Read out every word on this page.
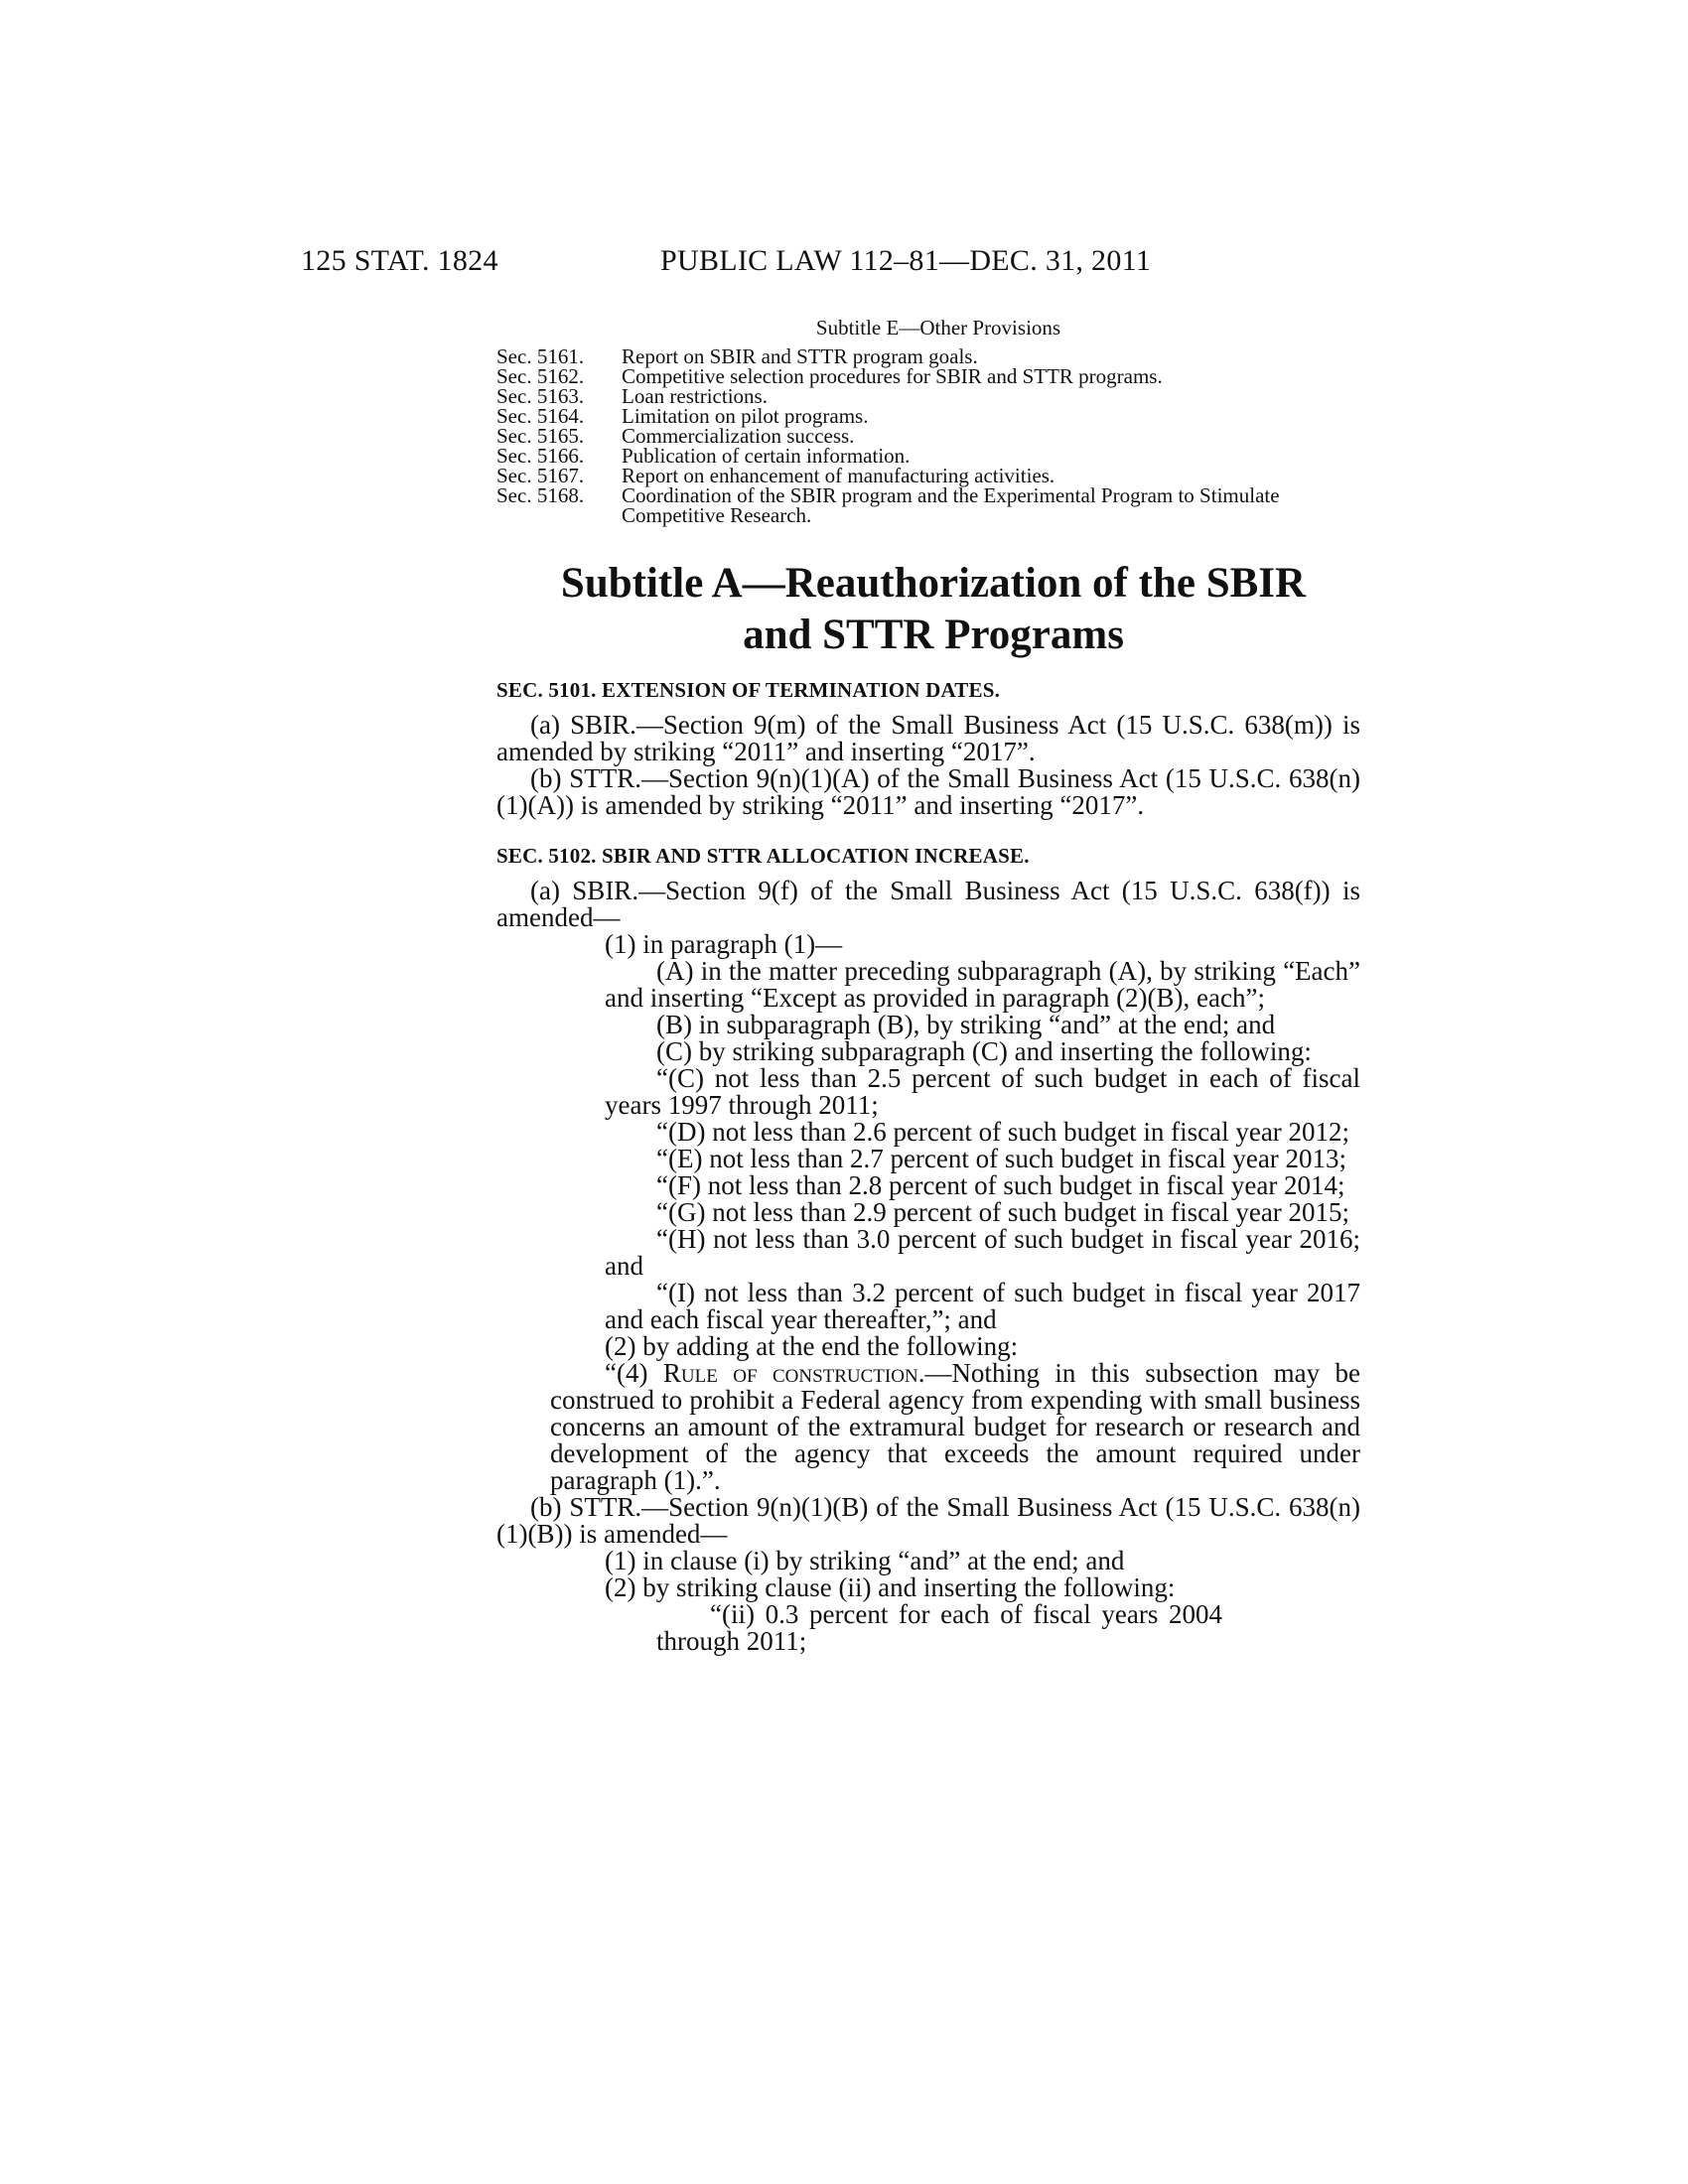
125 STAT. 1824	PUBLIC LAW 112–81—DEC. 31, 2011
Subtitle E—Other Provisions
Sec. 5161.	Report on SBIR and STTR program goals.
Sec. 5162.	Competitive selection procedures for SBIR and STTR programs.
Sec. 5163.	Loan restrictions.
Sec. 5164.	Limitation on pilot programs.
Sec. 5165.	Commercialization success.
Sec. 5166.	Publication of certain information.
Sec. 5167.	Report on enhancement of manufacturing activities.
Sec. 5168.	Coordination of the SBIR program and the Experimental Program to Stimulate Competitive Research.
Subtitle A—Reauthorization of the SBIR
and STTR Programs
SEC. 5101. EXTENSION OF TERMINATION DATES.

(a) SBIR.—Section 9(m) of the Small Business Act (15 U.S.C. 638(m)) is amended by striking “2011” and inserting “2017”.

(b) STTR.—Section 9(n)(1)(A) of the Small Business Act (15 U.S.C. 638(n)(1)(A)) is amended by striking “2011” and inserting “2017”.

SEC. 5102. SBIR AND STTR ALLOCATION INCREASE.

(a) SBIR.—Section 9(f) of the Small Business Act (15 U.S.C. 638(f)) is amended—

(1) in paragraph (1)—

(A) in the matter preceding subparagraph (A), by striking “Each” and inserting “Except as provided in paragraph (2)(B), each”;

(B) in subparagraph (B), by striking “and” at the end; and

(C) by striking subparagraph (C) and inserting the following:

“(C) not less than 2.5 percent of such budget in each of fiscal years 1997 through 2011;

“(D) not less than 2.6 percent of such budget in fiscal year 2012;

“(E) not less than 2.7 percent of such budget in fiscal year 2013;

“(F) not less than 2.8 percent of such budget in fiscal year 2014;

“(G) not less than 2.9 percent of such budget in fiscal year 2015;

“(H) not less than 3.0 percent of such budget in fiscal year 2016; and

“(I) not less than 3.2 percent of such budget in fiscal year 2017 and each fiscal year thereafter,”; and

(2) by adding at the end the following:

“(4) Rule of construction.—Nothing in this subsection may be construed to prohibit a Federal agency from expending with small business concerns an amount of the extramural budget for research or research and development of the agency that exceeds the amount required under paragraph (1).”.

(b) STTR.—Section 9(n)(1)(B) of the Small Business Act (15 U.S.C. 638(n)(1)(B)) is amended—

(1) in clause (i) by striking “and” at the end; and

(2) by striking clause (ii) and inserting the following:

“(ii) 0.3 percent for each of fiscal years 2004 through 2011;
